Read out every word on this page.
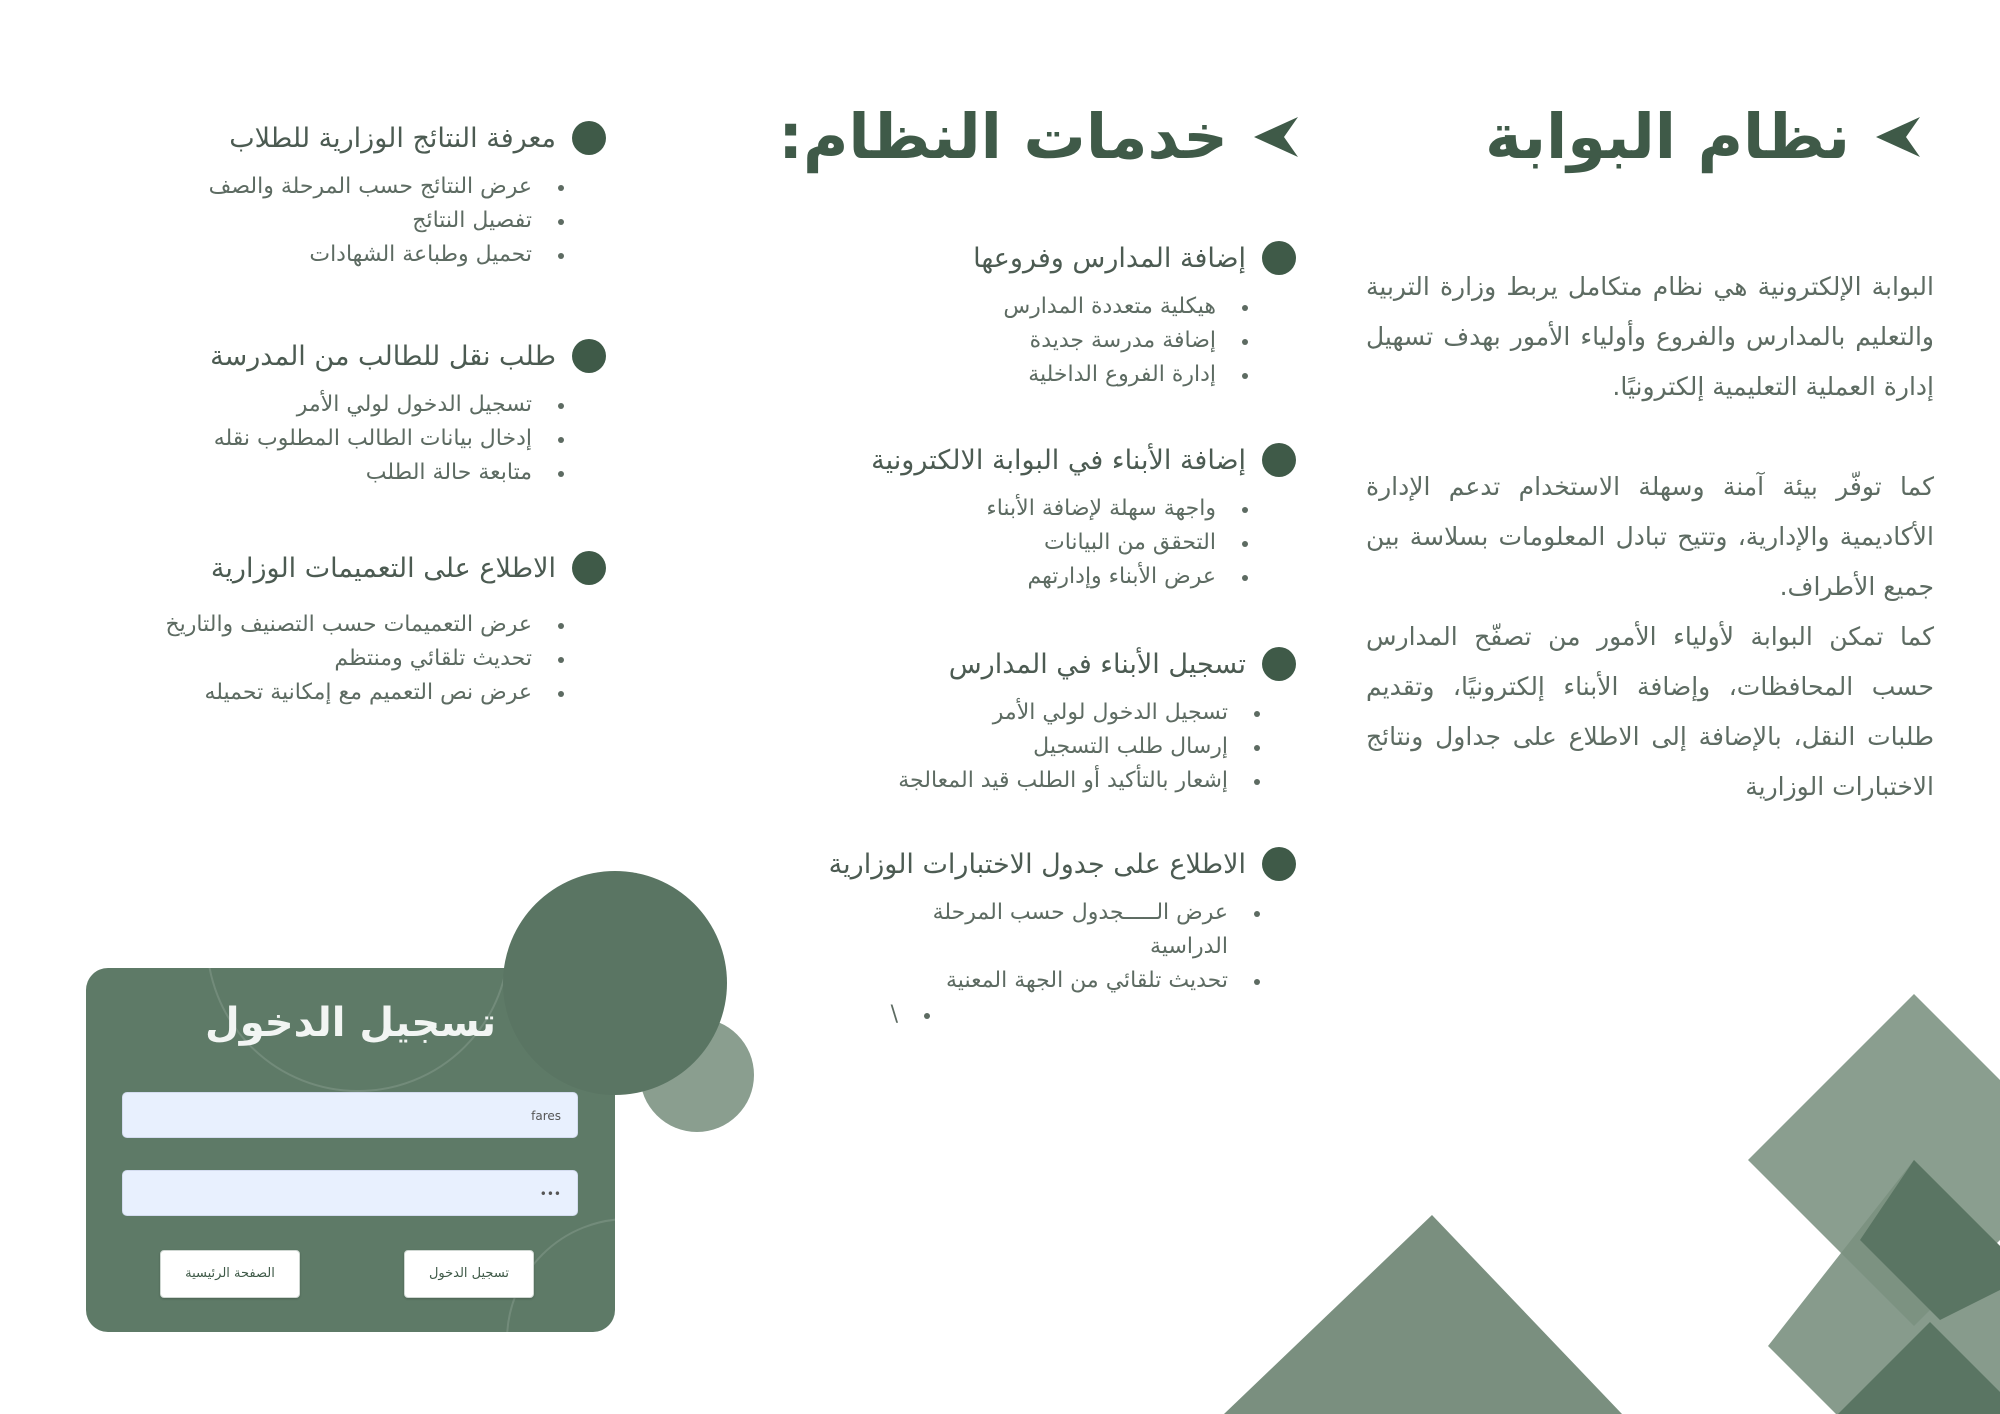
تسجيل الدخول
fares
•••
تسجيل الدخول
الصفحة الرئيسية
نظام البوابة

البوابة الإلكترونية هي نظام متكامل يربط وزارة التربية والتعليم بالمدارس والفروع وأولياء الأمور بهدف تسهيل إدارة العملية التعليمية إلكترونيًا.

كما توفّر بيئة آمنة وسهلة الاستخدام تدعم الإدارة الأكاديمية والإدارية، وتتيح تبادل المعلومات بسلاسة بين جميع الأطراف.

كما تمكن البوابة لأولياء الأمور من تصفّح المدارس حسب المحافظات، وإضافة الأبناء إلكترونيًا، وتقديم طلبات النقل، بالإضافة إلى الاطلاع على جداول ونتائج الاختبارات الوزارية

خدمات النظام:
إضافة المدارس وفروعها
هيكلية متعددة المدارس
إضافة مدرسة جديدة
إدارة الفروع الداخلية
إضافة الأبناء في البوابة الالكترونية
واجهة سهلة لإضافة الأبناء
التحقق من البيانات
عرض الأبناء وإدارتهم
تسجيل الأبناء في المدارس
تسجيل الدخول لولي الأمر
إرسال طلب التسجيل
إشعار بالتأكيد أو الطلب قيد المعالجة
الاطلاع على جدول الاختبارات الوزارية
عرض الـــــجدول حسب المرحلة الدراسية
تحديث تلقائي من الجهة المعنية
\
معرفة النتائج الوزارية للطلاب
عرض النتائج حسب المرحلة والصف
تفصيل النتائج
تحميل وطباعة الشهادات
طلب نقل للطالب من المدرسة
تسجيل الدخول لولي الأمر
إدخال بيانات الطالب المطلوب نقله
متابعة حالة الطلب
الاطلاع على التعميمات الوزارية
عرض التعميمات حسب التصنيف والتاريخ
تحديث تلقائي ومنتظم
عرض نص التعميم مع إمكانية تحميله
